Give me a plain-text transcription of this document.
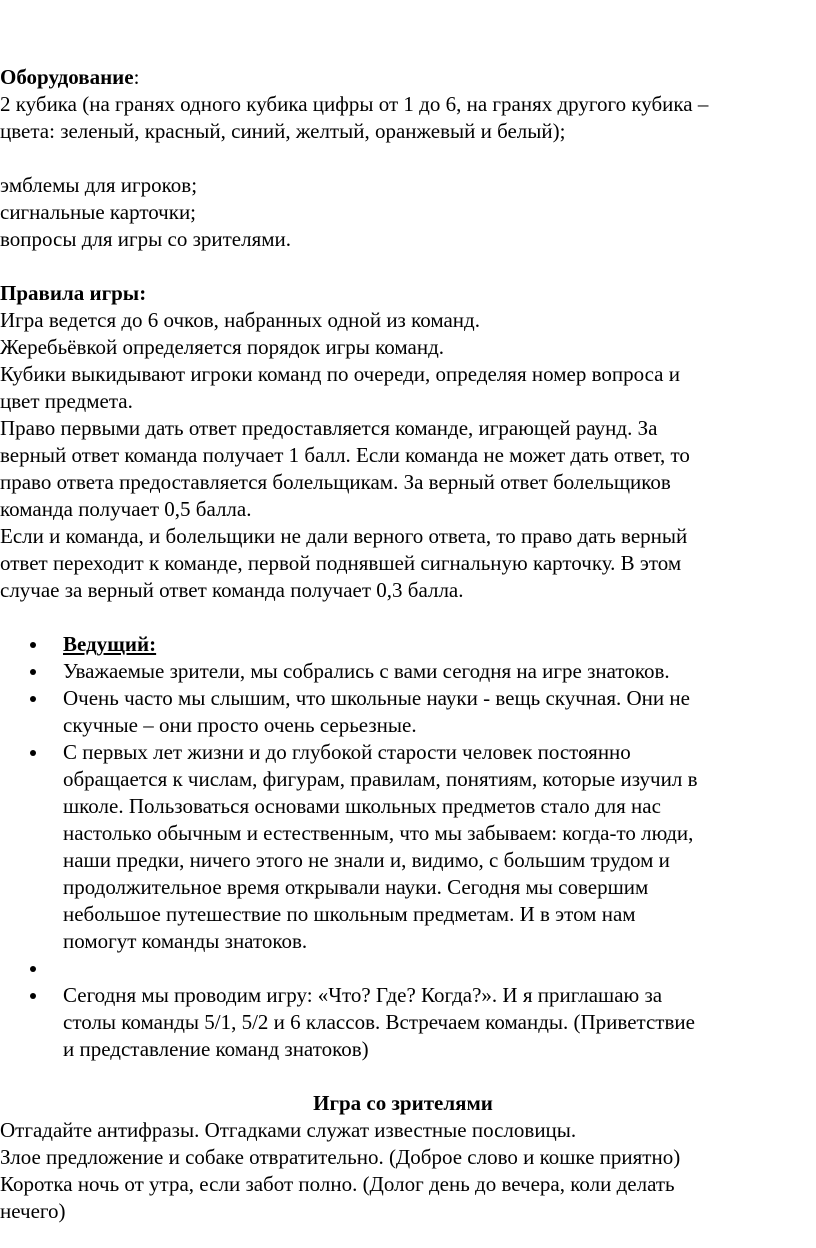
Оборудование:

2 кубика (на гранях одного кубика цифры от 1 до 6, на гранях другого кубика –

цвета: зеленый, красный, синий, желтый, оранжевый и белый);

эмблемы для игроков;

сигнальные карточки;

вопросы для игры со зрителями.

Правила игры:

Игра ведется до 6 очков, набранных одной из команд.

Жеребьёвкой определяется порядок игры команд.

Кубики выкидывают игроки команд по очереди, определяя номер вопроса и

цвет предмета.

Право первыми дать ответ предоставляется команде, играющей раунд. За

верный ответ команда получает 1 балл. Если команда не может дать ответ, то

право ответа предоставляется болельщикам. За верный ответ болельщиков

команда получает 0,5 балла.

Если и команда, и болельщики не дали верного ответа, то право дать верный

ответ переходит к команде, первой поднявшей сигнальную карточку. В этом

случае за верный ответ команда получает 0,3 балла.

Ведущий:
Уважаемые зрители, мы собрались с вами сегодня на игре знатоков.

Очень часто мы слышим, что школьные науки - вещь скучная. Они не

скучные – они просто очень серьезные.

С первых лет жизни и до глубокой старости человек постоянно

обращается к числам, фигурам, правилам, понятиям, которые изучил в

школе. Пользоваться основами школьных предметов стало для нас

настолько обычным и естественным, что мы забываем: когда-то люди,

наши предки, ничего этого не знали и, видимо, с большим трудом и

продолжительное время открывали науки. Сегодня мы совершим

небольшое путешествие по школьным предметам. И в этом нам

помогут команды знатоков.

Сегодня мы проводим игру: «Что? Где? Когда?». И я приглашаю за

столы команды 5/1, 5/2 и 6 классов. Встречаем команды. (Приветствие

и представление команд знатоков)

Игра со зрителями

Отгадайте антифразы. Отгадками служат известные пословицы.

Злое предложение и собаке отвратительно. (Доброе слово и кошке приятно)

Коротка ночь от утра, если забот полно. (Долог день до вечера, коли делать

нечего)
